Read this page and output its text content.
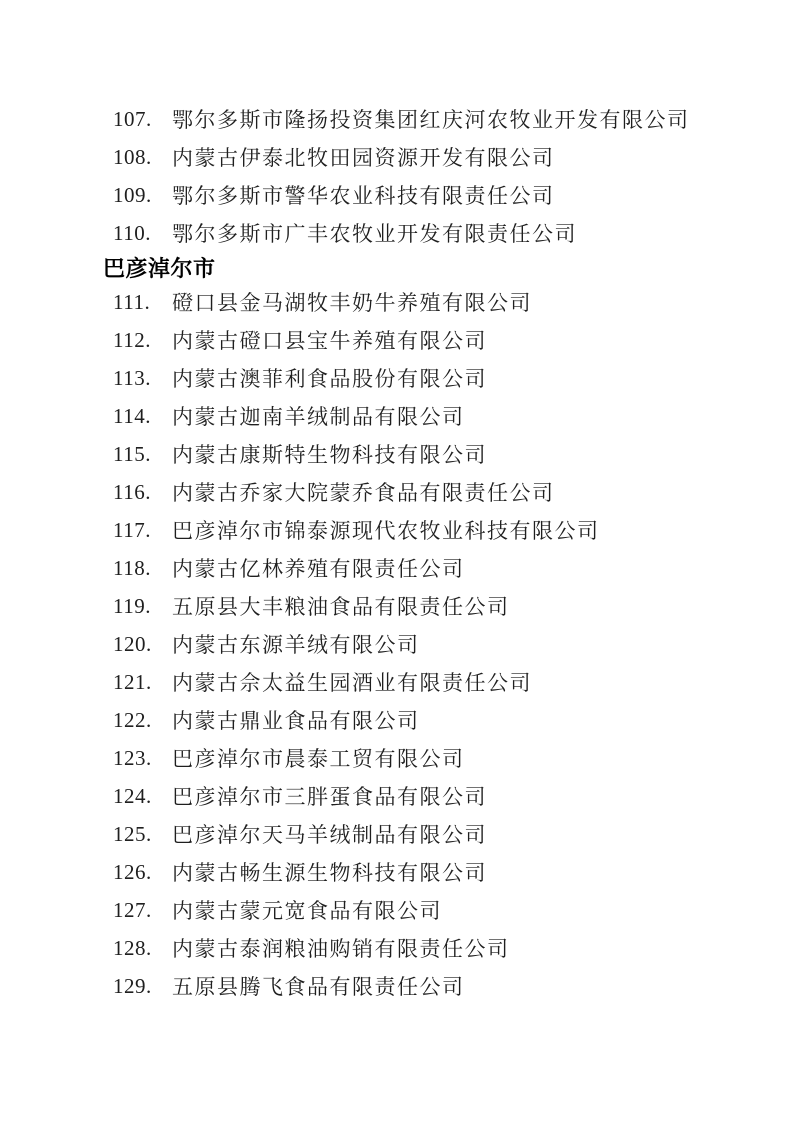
107. 鄂尔多斯市隆扬投资集团红庆河农牧业开发有限公司
108. 内蒙古伊泰北牧田园资源开发有限公司
109. 鄂尔多斯市警华农业科技有限责任公司
110.	鄂尔多斯市广丰农牧业开发有限责任公司
巴彦淖尔市
111.	磴口县金马湖牧丰奶牛养殖有限公司
112.	内蒙古磴口县宝牛养殖有限公司
113.	内蒙古澳菲利食品股份有限公司
114.	内蒙古迦南羊绒制品有限公司
115.	内蒙古康斯特生物科技有限公司
116.	内蒙古乔家大院蒙乔食品有限责任公司
117.	巴彦淖尔市锦泰源现代农牧业科技有限公司
118.	内蒙古亿林养殖有限责任公司
119.	五原县大丰粮油食品有限责任公司
120. 内蒙古东源羊绒有限公司
121. 内蒙古佘太益生园酒业有限责任公司
122. 内蒙古鼎业食品有限公司
123. 巴彦淖尔市晨泰工贸有限公司
124. 巴彦淖尔市三胖蛋食品有限公司
125. 巴彦淖尔天马羊绒制品有限公司
126. 内蒙古畅生源生物科技有限公司
127. 内蒙古蒙元宽食品有限公司
128. 内蒙古泰润粮油购销有限责任公司
129. 五原县腾飞食品有限责任公司
